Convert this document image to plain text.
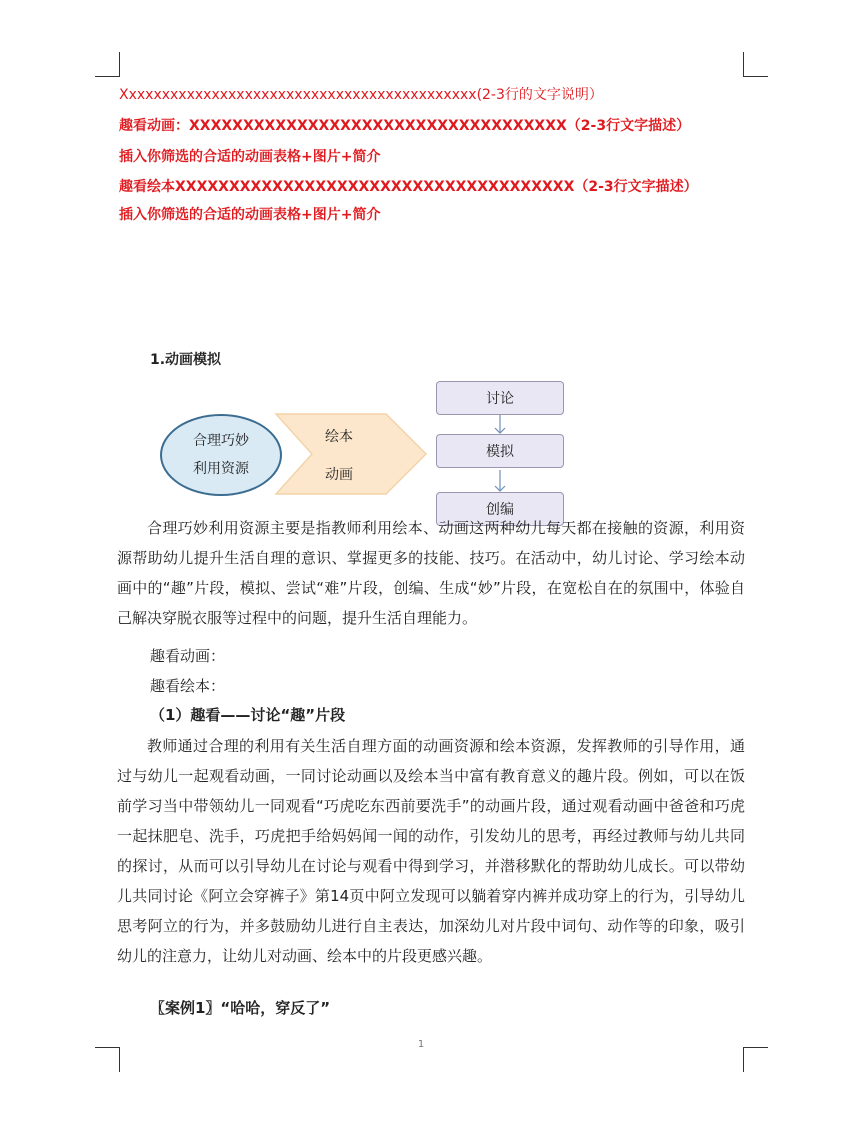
Xxxxxxxxxxxxxxxxxxxxxxxxxxxxxxxxxxxxxxxxxxx(2-3行的文字说明）
趣看动画：XXXXXXXXXXXXXXXXXXXXXXXXXXXXXXXXXXX（2-3行文字描述）
插入你筛选的合适的动画表格+图片+简介
趣看绘本XXXXXXXXXXXXXXXXXXXXXXXXXXXXXXXXXXXXX（2-3行文字描述）
插入你筛选的合适的动画表格+图片+简介
1.动画模拟
合理巧妙
利用资源
绘本
动画
讨论
模拟
创编
合理巧妙利用资源主要是指教师利用绘本、动画这两种幼儿每天都在接触的资源，利用资源帮助幼儿提升生活自理的意识、掌握更多的技能、技巧。在活动中，幼儿讨论、学习绘本动画中的“趣”片段，模拟、尝试“难”片段，创编、生成“妙”片段，在宽松自在的氛围中，体验自己解决穿脱衣服等过程中的问题，提升生活自理能力。
趣看动画：
趣看绘本：
（1）趣看——讨论“趣”片段
教师通过合理的利用有关生活自理方面的动画资源和绘本资源，发挥教师的引导作用，通过与幼儿一起观看动画，一同讨论动画以及绘本当中富有教育意义的趣片段。例如，可以在饭前学习当中带领幼儿一同观看“巧虎吃东西前要洗手”的动画片段，通过观看动画中爸爸和巧虎一起抹肥皂、洗手，巧虎把手给妈妈闻一闻的动作，引发幼儿的思考，再经过教师与幼儿共同的探讨，从而可以引导幼儿在讨论与观看中得到学习，并潜移默化的帮助幼儿成长。可以带幼儿共同讨论《阿立会穿裤子》第14页中阿立发现可以躺着穿内裤并成功穿上的行为，引导幼儿思考阿立的行为，并多鼓励幼儿进行自主表达，加深幼儿对片段中词句、动作等的印象，吸引幼儿的注意力，让幼儿对动画、绘本中的片段更感兴趣。
〖案例1〗“哈哈，穿反了”
1
